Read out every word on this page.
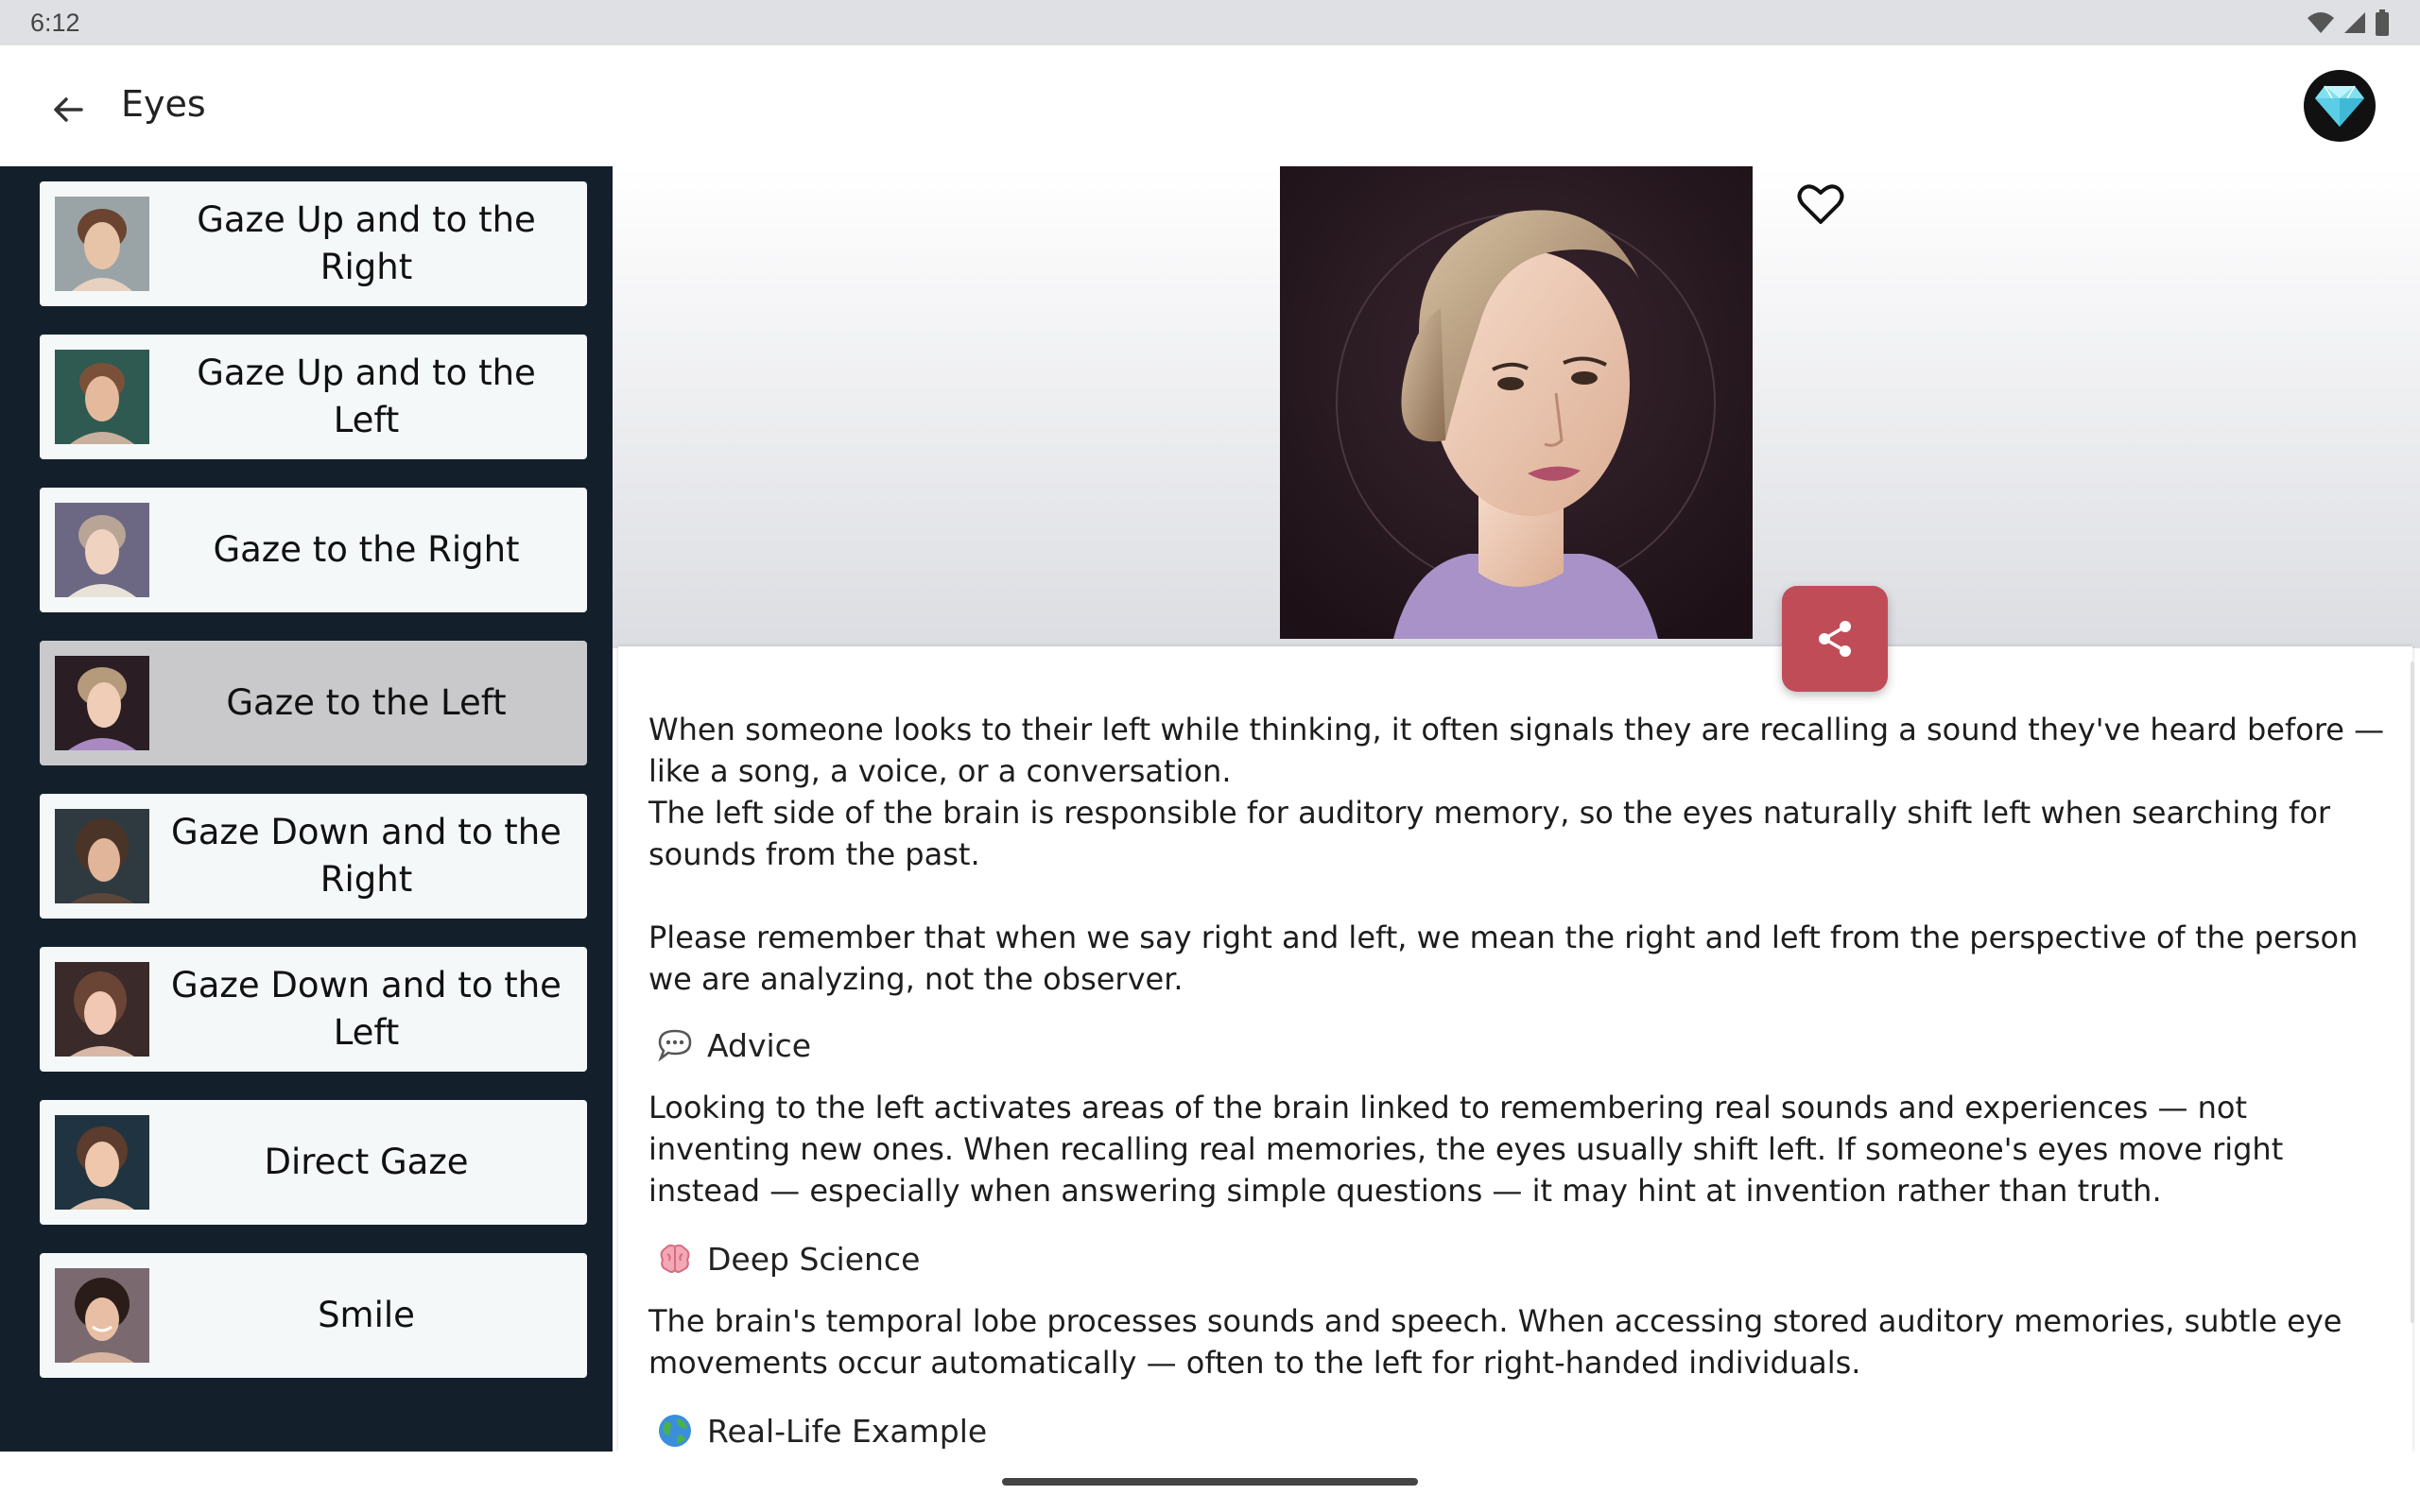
6:12
Eyes
Gaze Up and to the Right
Gaze Up and to the Left
Gaze to the Right
Gaze to the Left
Gaze Down and to the Right
Gaze Down and to the Left
Direct Gaze
Smile
When someone looks to their left while thinking, it often signals they are recalling a sound they've heard before — like a song, a voice, or a conversation.
The left side of the brain is responsible for auditory memory, so the eyes naturally shift left when searching for sounds from the past.
Please remember that when we say right and left, we mean the right and left from the perspective of the person we are analyzing, not the observer.
Advice
Looking to the left activates areas of the brain linked to remembering real sounds and experiences — not inventing new ones. When recalling real memories, the eyes usually shift left. If someone's eyes move right instead — especially when answering simple questions — it may hint at invention rather than truth.
Deep Science
The brain's temporal lobe processes sounds and speech. When accessing stored auditory memories, subtle eye movements occur automatically — often to the left for right-handed individuals.
Real-Life Example
